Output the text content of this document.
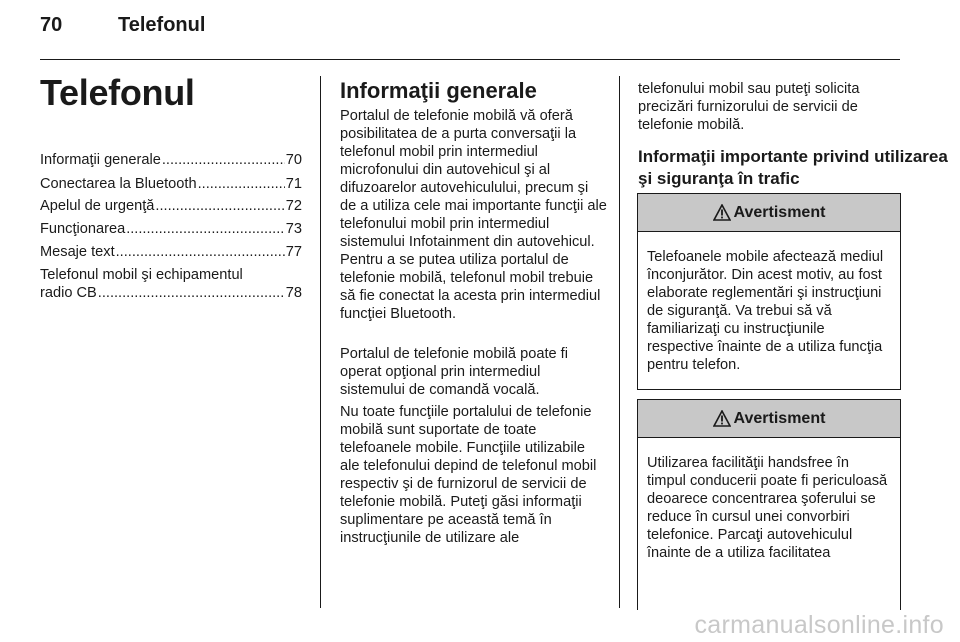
70	Telefonul
Telefonul
Informaţii generale .....	70
Conectarea la Bluetooth .....	71
Apelul de urgenţă .....	72
Funcţionarea .....	73
Mesaje text .....	77
Telefonul mobil şi echipamentul
radio CB .....	78
Informaţii generale
Portalul de telefonie mobilă vă oferă posibilitatea de a purta conversaţii la telefonul mobil prin intermediul microfonului din autovehicul şi al difuzoarelor autovehiculului, precum şi de a utiliza cele mai importante funcţii ale telefonului mobil prin intermediul sistemului Infotainment din autovehicul. Pentru a se putea utiliza portalul de telefonie mobilă, telefonul mobil trebuie să fie conectat la acesta prin intermediul funcţiei Bluetooth.
Portalul de telefonie mobilă poate fi operat opţional prin intermediul sistemului de comandă vocală.
Nu toate funcţiile portalului de telefonie mobilă sunt suportate de toate telefoanele mobile. Funcţiile utilizabile ale telefonului depind de telefonul mobil respectiv şi de furnizorul de servicii de telefonie mobilă. Puteţi găsi informaţii suplimentare pe această temă în instrucţiunile de utilizare ale
telefonului mobil sau puteţi solicita precizări furnizorului de servicii de telefonie mobilă.
Informaţii importante privind utilizarea şi siguranţa în trafic
Avertisment
Telefoanele mobile afectează mediul înconjurător. Din acest motiv, au fost elaborate reglementări şi instrucţiuni de siguranţă. Va trebui să vă familiarizaţi cu instrucţiunile respective înainte de a utiliza funcţia pentru telefon.
Avertisment
Utilizarea facilităţii handsfree în timpul conducerii poate fi periculoasă deoarece concentrarea şoferului se reduce în cursul unei convorbiri telefonice. Parcaţi autovehiculul înainte de a utiliza facilitatea
carmanualsonline.info
